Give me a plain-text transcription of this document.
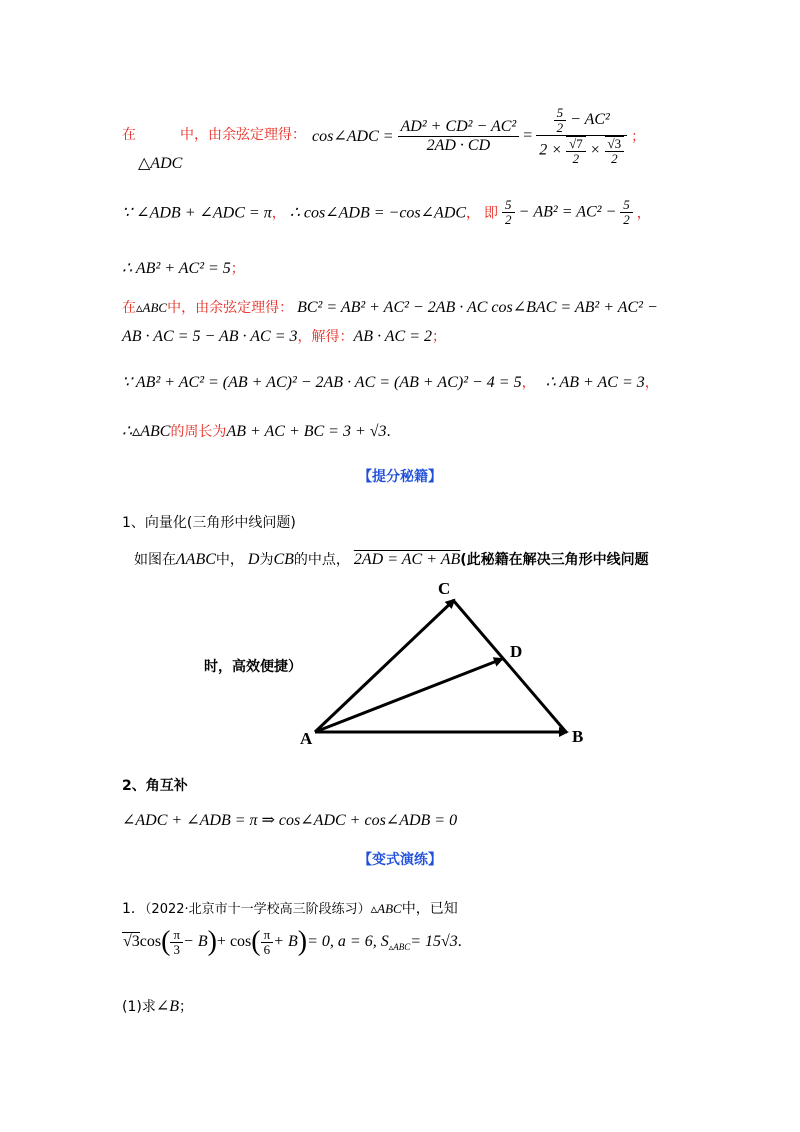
在	中，由余弦定理得：
△ADC
cos∠ADC = $\frac{\text{AD² + CD² − AC²}}{2AD \cdot CD}$ =
$\frac{5}{2} - AC^2$
$2 \times \frac{√7}{2} \times \frac{√3}{2}$ ；
∵ ∠ADB + ∠ADC = π， ∴ cos∠ADB = −cos∠ADC， 即 $\frac{5}{2} - AB^2 = AC^2 - \frac{5}{2}$ ，
∴ AB² + AC² = 5；
在▵ABC中，由余弦定理得： BC² = AB² + AC² − 2AB · AC cos∠BAC = AB² + AC² −
AB · AC = 5 − AB · AC = 3，解得：AB · AC = 2；
∵ AB² + AC² = (AB + AC)² − 2AB · AC = (AB + AC)² − 4 = 5， ∴ AB + AC = 3，
∴▵ABC的周长为AB + AC + BC = 3 + √3.
【提分秘籍】
1、向量化(三角形中线问题)
如图在ΛABC中， D为CB的中点， 2AD = AC + AB(此秘籍在解决三角形中线问题
时，高效便捷）
A	B
C
D
2、角互补
∠ADC + ∠ADB = π ⇒ cos∠ADC + cos∠ADB = 0
【变式演练】
1．（2022·北京市十一学校高三阶段练习）▵ABC中，已知
$√3\cos( \frac{\pi}{3} - B)+ \cos( \frac{\pi}{6} + B)= 0$, a = 6, $S_{▵ABC}= 15√3$.
(1)求∠B；
